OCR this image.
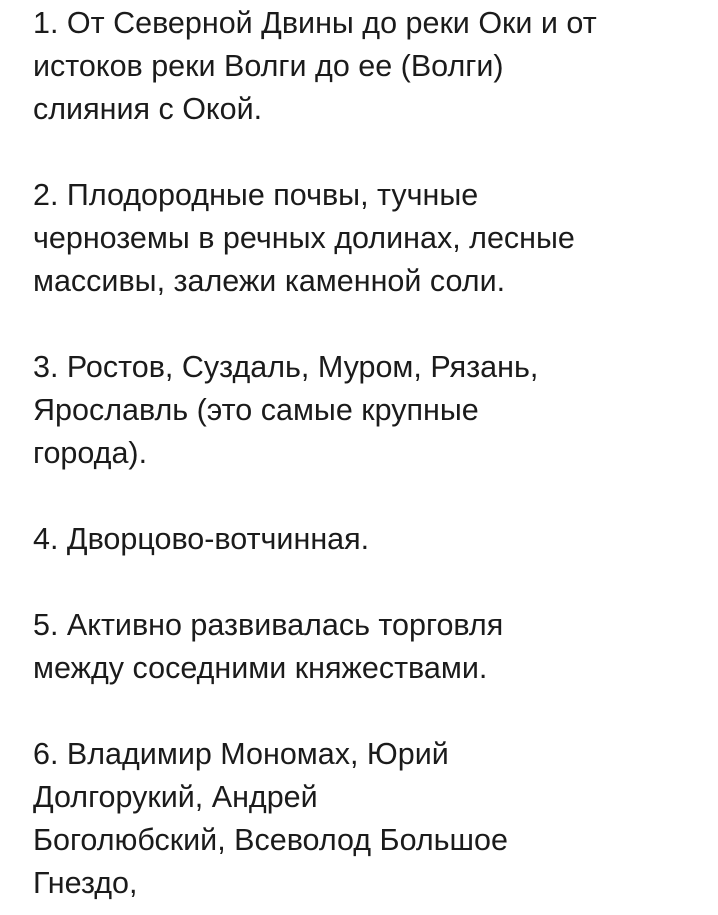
1. От Северной Двины до реки Оки и от
истоков реки Волги до ее (Волги)
слияния с Окой.
2. Плодородные почвы, тучные
черноземы в речных долинах, лесные
массивы, залежи каменной соли.
3. Ростов, Суздаль, Муром, Рязань,
Ярославль (это самые крупные
города).
4. Дворцово-вотчинная.
5. Активно развивалась торговля
между соседними княжествами.
6. Владимир Мономах, Юрий
Долгорукий, Андрей
Боголюбский, Всеволод Большое
Гнездо,
